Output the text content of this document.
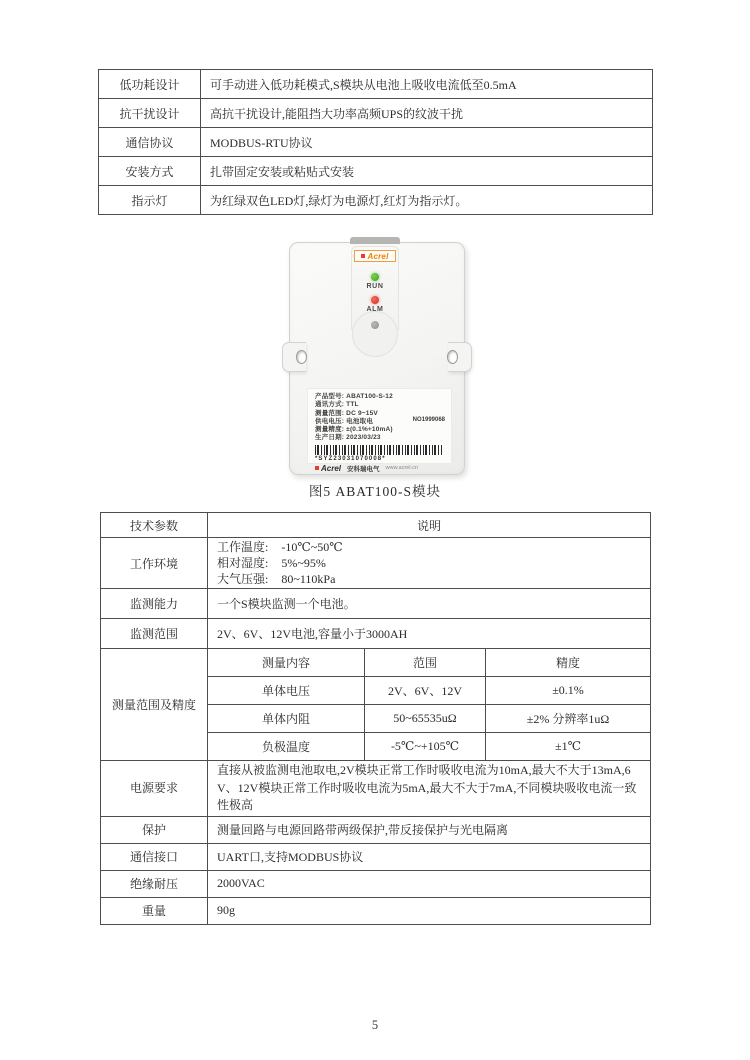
低功耗设计	可手动进入低功耗模式,S模块从电池上吸收电流低至0.5mA
抗干扰设计	高抗干扰设计,能阻挡大功率高频UPS的纹波干扰
通信协议	MODBUS-RTU协议
安装方式	扎带固定安装或粘贴式安装
指示灯	为红绿双色LED灯,绿灯为电源灯,红灯为指示灯。
Acrel
RUN
ALM
产品型号: ABAT100-S-12
通讯方式: TTL
测量范围: DC 9~15V
供电电压: 电池取电
测量精度: ±(0.1%+10mA)
生产日期: 2023/03/23
NO1999068
*SYZ23031070008*
Acrel 安科瑞电气 www.acrel.cn
图5 ABAT100-S模块
技术参数	说明		
工作环境	工作温度: -10℃~50℃
相对湿度: 5%~95%
大气压强: 80~110kPa		

监测能力	一个S模块监测一个电池。		
监测范围	2V、6V、12V电池,容量小于3000AH		
测量范围及精度	测量内容	范围	精度
	单体电压	2V、6V、12V	±0.1%
	单体内阻	50~65535uΩ	±2% 分辨率1uΩ
	负极温度	-5℃~+105℃	±1℃
电源要求	直接从被监测电池取电,2V模块正常工作时吸收电流为10mA,最大不大于13mA,6V、12V模块正常工作时吸收电流为5mA,最大不大于7mA,不同模块吸收电流一致性极高		
保护	测量回路与电源回路带两级保护,带反接保护与光电隔离		
通信接口	UART口,支持MODBUS协议		
绝缘耐压	2000VAC		
重量	90g		
5
